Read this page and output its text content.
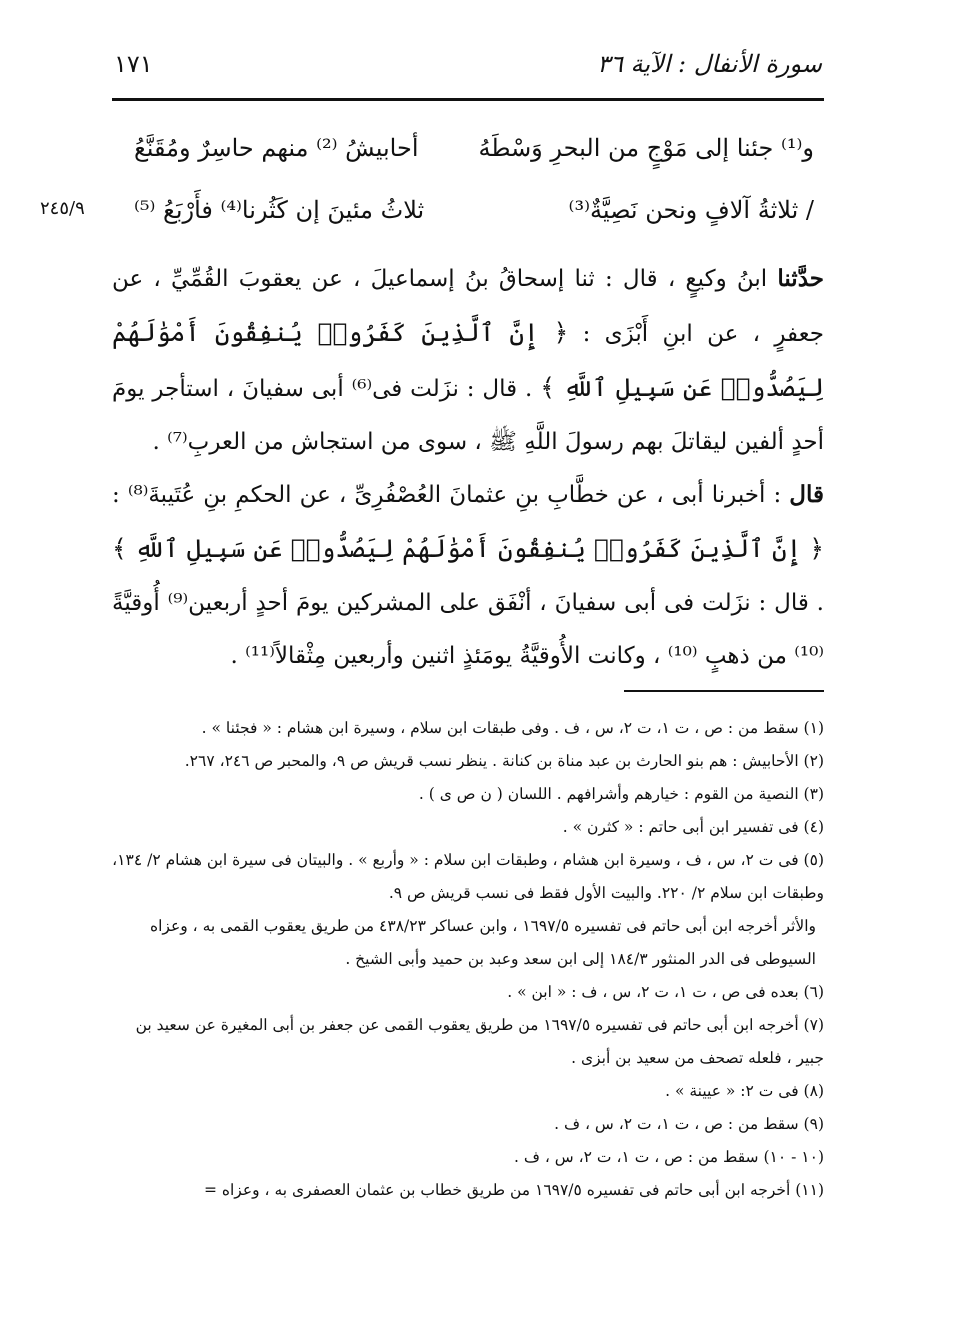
١٧١	سورة الأنفال : الآية ٣٦
٢٤٥/٩
و⁽¹⁾ جئنا إلى مَوْجٍ من البحرِ وَسْطَهُ
أحابيشُ ⁽²⁾ منهم حاسِرٌ ومُقَنَّعُ
/ ثلاثةُ آلافٍ ونحن نَصِيَّةٌ⁽³⁾
ثلاثُ مئينَ إن كَثُرنا⁽⁴⁾ فأَرْبَعُ ⁽⁵⁾
حدَّثنا ابنُ وكيعٍ ، قال : ثنا إسحاقُ بنُ إسماعيلَ ، عن يعقوبَ القُمِّيِّ ، عن جعفرٍ ، عن ابنِ أَبْزَى : ﴿ إِنَّ ٱلَّذِينَ كَفَرُوا۟ يُنفِقُونَ أَمْوَٰلَهُمْ لِيَصُدُّوا۟ عَن سَبِيلِ ٱللَّهِ ﴾ . قال : نزَلت فى⁽⁶⁾ أبى سفيانَ ، استأجر يومَ أحدٍ ألفين ليقاتلَ بهم رسولَ اللَّهِ ﷺ ، سوى من استجاش من العربِ⁽⁷⁾ .
قال : أخبرنا أبى ، عن خطَّابِ بنِ عثمانَ العُصْفُرِىِّ ، عن الحكمِ بنِ عُتَيبةَ⁽⁸⁾ : ﴿ إِنَّ ٱلَّذِينَ كَفَرُوا۟ يُنفِقُونَ أَمْوَٰلَهُمْ لِيَصُدُّوا۟ عَن سَبِيلِ ٱللَّهِ ﴾ . قال : نزَلت فى أبى سفيانَ ، أنْفَق على المشركين يومَ أحدٍ أربعين⁽⁹⁾ أُوقيَّةً ⁽¹⁰⁾ من ذهبٍ ⁽¹⁰⁾ ، وكانت الأُوقيَّةُ يومَئذٍ اثنين وأربعين مِثْقالاً⁽¹¹⁾ .

(١) سقط من : ص ، ت ١، ت ٢، س ، ف . وفى طبقات ابن سلام ، وسيرة ابن هشام : « فجئنا » .

(٢) الأحابيش : هم بنو الحارث بن عبد مناة بن كنانة . ينظر نسب قريش ص ٩، والمحبر ص ٢٤٦، ٢٦٧.

(٣) النصية من القوم : خيارهم وأشرافهم . اللسان ( ن ص ى ) .

(٤) فى تفسير ابن أبى حاتم : « كثرن » .

(٥) فى ت ٢، س ، ف ، وسيرة ابن هشام ، وطبقات ابن سلام : « وأربع » . والبيتان فى سيرة ابن هشام ٢/ ١٣٤، وطبقات ابن سلام ٢/ ٢٢٠. والبيت الأول فقط فى نسب قريش ص ٩.

والأثر أخرجه ابن أبى حاتم فى تفسيره ١٦٩٧/٥ ، وابن عساكر ٤٣٨/٢٣ من طريق يعقوب القمى به ، وعزاه السيوطى فى الدر المنثور ١٨٤/٣ إلى ابن سعد وعبد بن حميد وأبى الشيخ .

(٦) بعده فى ص ، ت ١، ت ٢، س ، ف : « ابن » .

(٧) أخرجه ابن أبى حاتم فى تفسيره ١٦٩٧/٥ من طريق يعقوب القمى عن جعفر بن أبى المغيرة عن سعيد بن جبير ، فلعله تصحف من سعيد بن أبزى .

(٨) فى ت ٢: « عيينة » .

(٩) سقط من : ص ، ت ١، ت ٢، س ، ف .

(١٠ - ١٠) سقط من : ص ، ت ١، ت ٢، س ، ف .

(١١) أخرجه ابن أبى حاتم فى تفسيره ١٦٩٧/٥ من طريق خطاب بن عثمان العصفرى به ، وعزاه =
